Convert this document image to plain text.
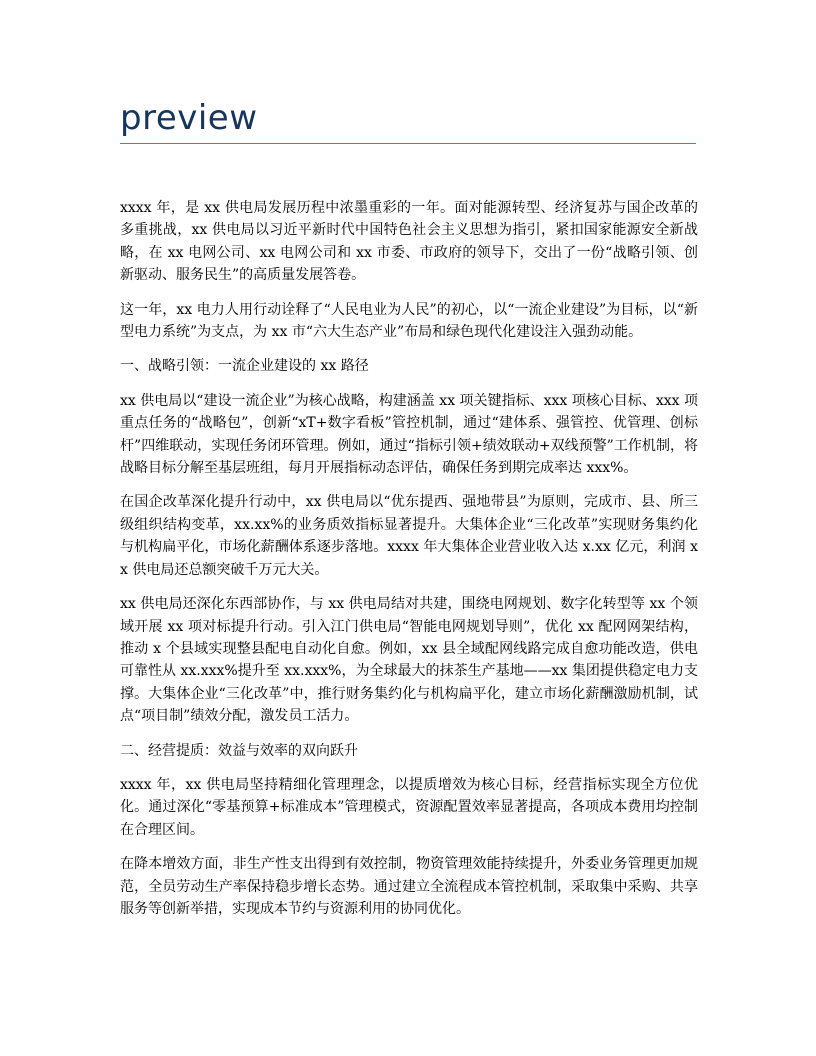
preview

xxxx 年，是 xx 供电局发展历程中浓墨重彩的一年。面对能源转型、经济复苏与国企改革的多重挑战，xx 供电局以习近平新时代中国特色社会主义思想为指引，紧扣国家能源安全新战略，在 xx 电网公司、xx 电网公司和 xx 市委、市政府的领导下，交出了一份“战略引领、创新驱动、服务民生”的高质量发展答卷。

这一年，xx 电力人用行动诠释了“人民电业为人民”的初心，以“一流企业建设”为目标，以“新型电力系统”为支点，为 xx 市“六大生态产业”布局和绿色现代化建设注入强劲动能。

一、战略引领：一流企业建设的 xx 路径

xx 供电局以“建设一流企业”为核心战略，构建涵盖 xx 项关键指标、xxx 项核心目标、xxx 项重点任务的“战略包”，创新“xT+数字看板”管控机制，通过“建体系、强管控、优管理、创标杆”四维联动，实现任务闭环管理。例如，通过“指标引领+绩效联动+双线预警”工作机制，将战略目标分解至基层班组，每月开展指标动态评估，确保任务到期完成率达 xxx%。

在国企改革深化提升行动中，xx 供电局以“优东提西、强地带县”为原则，完成市、县、所三级组织结构变革，xx.xx%的业务质效指标显著提升。大集体企业“三化改革”实现财务集约化与机构扁平化，市场化薪酬体系逐步落地。xxxx 年大集体企业营业收入达 x.xx 亿元，利润 xx 供电局还总额突破千万元大关。

xx 供电局还深化东西部协作，与 xx 供电局结对共建，围绕电网规划、数字化转型等 xx 个领域开展 xx 项对标提升行动。引入江门供电局“智能电网规划导则”，优化 xx 配网网架结构，推动 x 个县域实现整县配电自动化自愈。例如，xx 县全域配网线路完成自愈功能改造，供电可靠性从 xx.xxx%提升至 xx.xxx%，为全球最大的抹茶生产基地——xx 集团提供稳定电力支撑。大集体企业“三化改革”中，推行财务集约化与机构扁平化，建立市场化薪酬激励机制，试点“项目制”绩效分配，激发员工活力。

二、经营提质：效益与效率的双向跃升

xxxx 年，xx 供电局坚持精细化管理理念，以提质增效为核心目标，经营指标实现全方位优化。通过深化“零基预算+标准成本”管理模式，资源配置效率显著提高，各项成本费用均控制在合理区间。

在降本增效方面，非生产性支出得到有效控制，物资管理效能持续提升，外委业务管理更加规范，全员劳动生产率保持稳步增长态势。通过建立全流程成本管控机制，采取集中采购、共享服务等创新举措，实现成本节约与资源利用的协同优化。
